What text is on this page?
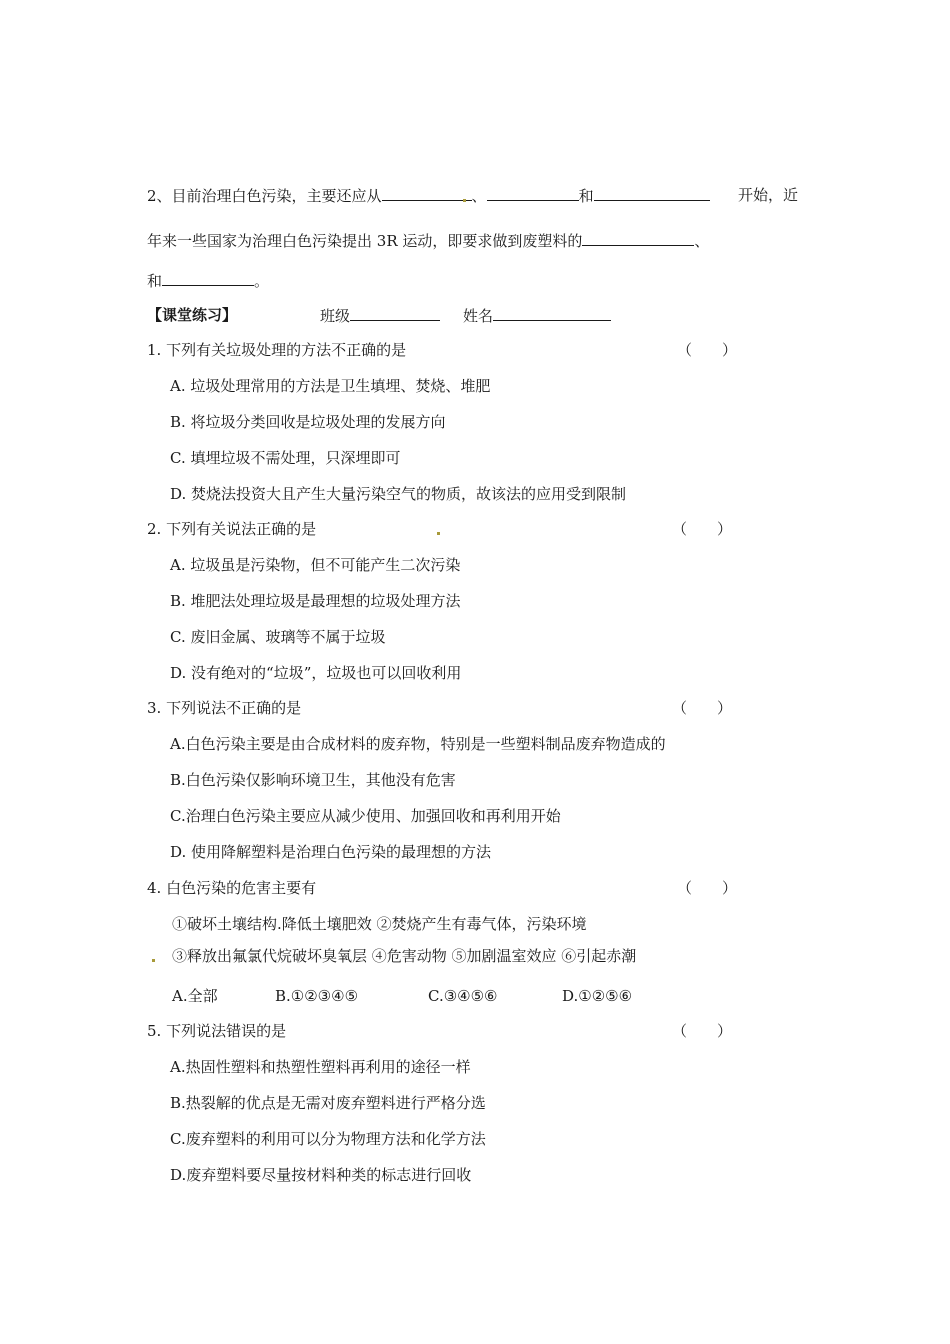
2、目前治理白色污染，主要还应从	、	和	开始，近
年来一些国家为治理白色污染提出 3R 运动，即要求做到废塑料的	、
和	。
【课堂练习】	班级	姓名
1. 下列有关垃圾处理的方法不正确的是	（　　）
A. 垃圾处理常用的方法是卫生填埋、焚烧、堆肥
B. 将垃圾分类回收是垃圾处理的发展方向
C. 填埋垃圾不需处理，只深埋即可
D. 焚烧法投资大且产生大量污染空气的物质，故该法的应用受到限制
2. 下列有关说法正确的是	（　　）
A. 垃圾虽是污染物，但不可能产生二次污染
B. 堆肥法处理垃圾是最理想的垃圾处理方法
C. 废旧金属、玻璃等不属于垃圾
D. 没有绝对的“垃圾”，垃圾也可以回收利用
3. 下列说法不正确的是	（　　）
A.白色污染主要是由合成材料的废弃物，特别是一些塑料制品废弃物造成的
B.白色污染仅影响环境卫生，其他没有危害
C.治理白色污染主要应从减少使用、加强回收和再利用开始
D. 使用降解塑料是治理白色污染的最理想的方法
4. 白色污染的危害主要有	（　　）
①破坏土壤结构.降低土壤肥效 ②焚烧产生有毒气体，污染环境
③释放出氟氯代烷破坏臭氧层 ④危害动物 ⑤加剧温室效应 ⑥引起赤潮
A.全部	B.①②③④⑤	C.③④⑤⑥	D.①②⑤⑥
5. 下列说法错误的是	（　　）
A.热固性塑料和热塑性塑料再利用的途径一样
B.热裂解的优点是无需对废弃塑料进行严格分选
C.废弃塑料的利用可以分为物理方法和化学方法
D.废弃塑料要尽量按材料种类的标志进行回收
